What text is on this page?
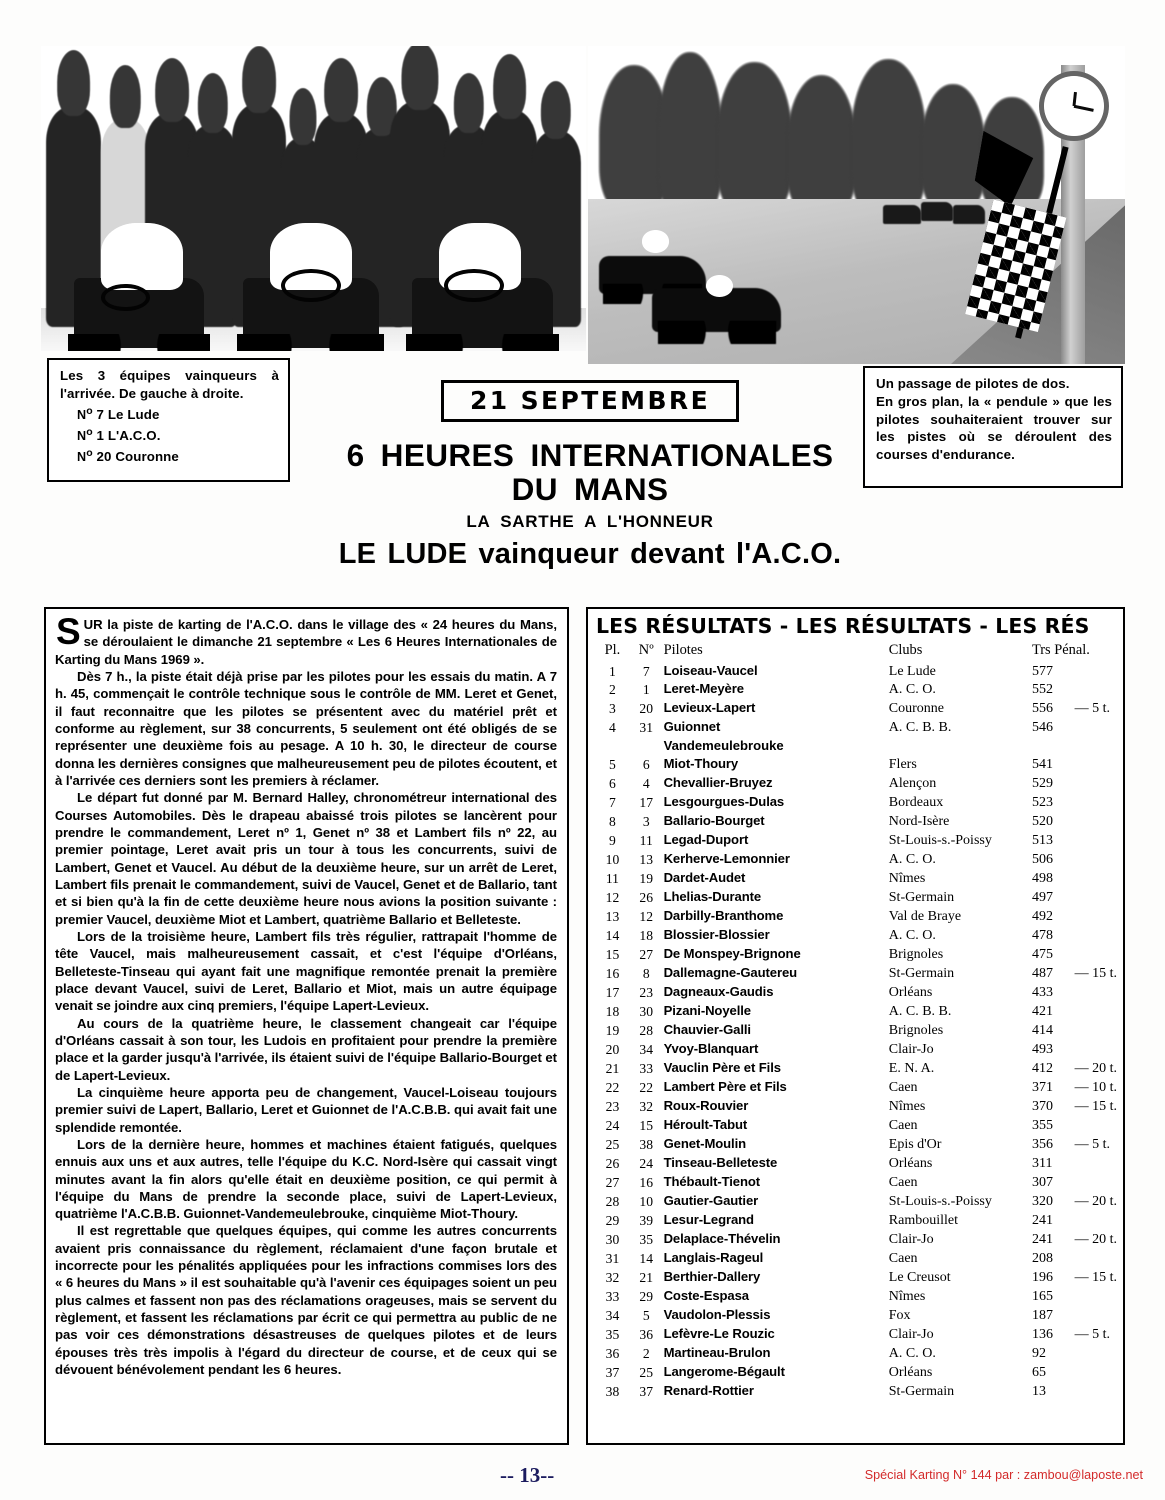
Les 3 équipes vainqueurs à l'arrivée. De gauche à droite.

$N^o$ 7 Le Lude
$N^o$ 1 L'A.C.O.
$N^o$ 20 Couronne

Un passage de pilotes de dos.

En gros plan, la « pendule » que les pilotes souhaiteraient trouver sur les pistes où se déroulent des courses d'endurance.

21 SEPTEMBRE
6 HEURES INTERNATIONALES
DU MANS
LA SARTHE A L'HONNEUR
LE LUDE vainqueur devant l'A.C.O.

SUR la piste de karting de l'A.C.O. dans le village des « 24 heures du Mans, se déroulaient le dimanche 21 septembre « Les 6 Heures Internationales de Karting du Mans 1969 ».

Dès 7 h., la piste était déjà prise par les pilotes pour les essais du matin. A 7 h. 45, commençait le contrôle technique sous le contrôle de MM. Leret et Genet, il faut reconnaitre que les pilotes se présentent avec du matériel prêt et conforme au règlement, sur 38 concurrents, 5 seulement ont été obligés de se représenter une deuxième fois au pesage. A 10 h. 30, le directeur de course donna les dernières consignes que malheureusement peu de pilotes écoutent, et à l'arrivée ces derniers sont les premiers à réclamer.

Le départ fut donné par M. Bernard Halley, chronométreur international des Courses Automobiles. Dès le drapeau abaissé trois pilotes se lancèrent pour prendre le commandement, Leret nº 1, Genet nº 38 et Lambert fils nº 22, au premier pointage, Leret avait pris un tour à tous les concurrents, suivi de Lambert, Genet et Vaucel. Au début de la deuxième heure, sur un arrêt de Leret, Lambert fils prenait le commandement, suivi de Vaucel, Genet et de Ballario, tant et si bien qu'à la fin de cette deuxième heure nous avions la position suivante : premier Vaucel, deuxième Miot et Lambert, quatrième Ballario et Belleteste.

Lors de la troisième heure, Lambert fils très régulier, rattrapait l'homme de tête Vaucel, mais malheureusement cassait, et c'est l'équipe d'Orléans, Belleteste-Tinseau qui ayant fait une magnifique remontée prenait la première place devant Vaucel, suivi de Leret, Ballario et Miot, mais un autre équipage venait se joindre aux cinq premiers, l'équipe Lapert-Levieux.

Au cours de la quatrième heure, le classement changeait car l'équipe d'Orléans cassait à son tour, les Ludois en profitaient pour prendre la première place et la garder jusqu'à l'arrivée, ils étaient suivi de l'équipe Ballario-Bourget et de Lapert-Levieux.

La cinquième heure apporta peu de changement, Vaucel-Loiseau toujours premier suivi de Lapert, Ballario, Leret et Guionnet de l'A.C.B.B. qui avait fait une splendide remontée.

Lors de la dernière heure, hommes et machines étaient fatigués, quelques ennuis aux uns et aux autres, telle l'équipe du K.C. Nord-Isère qui cassait vingt minutes avant la fin alors qu'elle était en deuxième position, ce qui permit à l'équipe du Mans de prendre la seconde place, suivi de Lapert-Levieux, quatrième l'A.C.B.B. Guionnet-Vandemeulebrouke, cinquième Miot-Thoury.

Il est regrettable que quelques équipes, qui comme les autres concurrents avaient pris connaissance du règlement, réclamaient d'une façon brutale et incorrecte pour les pénalités appliquées pour les infractions commises lors des « 6 heures du Mans » il est souhaitable qu'à l'avenir ces équipages soient un peu plus calmes et fassent non pas des réclamations orageuses, mais se servent du règlement, et fassent les réclamations par écrit ce qui permettra au public de ne pas voir ces démonstrations désastreuses de quelques pilotes et de leurs épouses très très impolis à l'égard du directeur de course, et de ceux qui se dévouent bénévolement pendant les 6 heures.

LES RÉSULTATS - LES RÉSULTATS - LES RÉS
Pl.	Nº	Pilotes	Clubs	Trs Pénal.	
1	7	Loiseau-Vaucel	Le Lude	577	
2	1	Leret-Meyère	A. C. O.	552	
3	20	Levieux-Lapert	Couronne	556	— 5 t.
4	31	Guionnet	A. C. B. B.	546	
		Vandemeulebrouke			
5	6	Miot-Thoury	Flers	541	
6	4	Chevallier-Bruyez	Alençon	529	
7	17	Lesgourgues-Dulas	Bordeaux	523	
8	3	Ballario-Bourget	Nord-Isère	520	
9	11	Legad-Duport	St-Louis-s.-Poissy	513	
10	13	Kerherve-Lemonnier	A. C. O.	506	
11	19	Dardet-Audet	Nîmes	498	
12	26	Lhelias-Durante	St-Germain	497	
13	12	Darbilly-Branthome	Val de Braye	492	
14	18	Blossier-Blossier	A. C. O.	478	
15	27	De Monspey-Brignone	Brignoles	475	
16	8	Dallemagne-Gautereu	St-Germain	487	— 15 t.
17	23	Dagneaux-Gaudis	Orléans	433	
18	30	Pizani-Noyelle	A. C. B. B.	421	
19	28	Chauvier-Galli	Brignoles	414	
20	34	Yvoy-Blanquart	Clair-Jo	493	
21	33	Vauclin Père et Fils	E. N. A.	412	— 20 t.
22	22	Lambert Père et Fils	Caen	371	— 10 t.
23	32	Roux-Rouvier	Nîmes	370	— 15 t.
24	15	Héroult-Tabut	Caen	355	
25	38	Genet-Moulin	Epis d'Or	356	— 5 t.
26	24	Tinseau-Belleteste	Orléans	311	
27	16	Thébault-Tienot	Caen	307	
28	10	Gautier-Gautier	St-Louis-s.-Poissy	320	— 20 t.
29	39	Lesur-Legrand	Rambouillet	241	
30	35	Delaplace-Thévelin	Clair-Jo	241	— 20 t.
31	14	Langlais-Rageul	Caen	208	
32	21	Berthier-Dallery	Le Creusot	196	— 15 t.
33	29	Coste-Espasa	Nîmes	165	
34	5	Vaudolon-Plessis	Fox	187	
35	36	Lefèvre-Le Rouzic	Clair-Jo	136	— 5 t.
36	2	Martineau-Brulon	A. C. O.	92	
37	25	Langerome-Bégault	Orléans	65	
38	37	Renard-Rottier	St-Germain	13	
-- 13--	Spécial Karting N° 144 par : zambou@laposte.net
